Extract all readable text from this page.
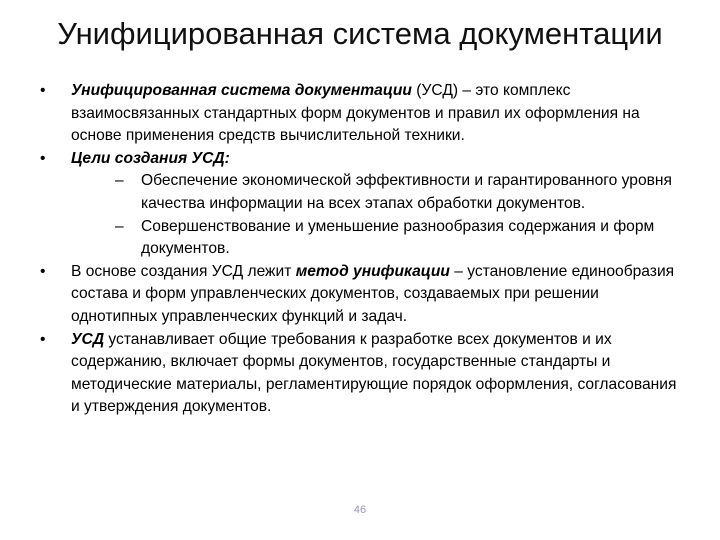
Унифицированная система документации
• Унифицированная система документации (УСД) – это комплекс взаимосвязанных стандартных форм документов и правил их оформления на основе применения средств вычислительной техники.
• Цели создания УСД:
– Обеспечение экономической эффективности и гарантированного уровня качества информации на всех этапах обработки документов.
– Совершенствование и уменьшение разнообразия содержания и форм документов.
• В основе создания УСД лежит метод унификации – установление единообразия состава и форм управленческих документов, создаваемых при решении однотипных управленческих функций и задач.
• УСД устанавливает общие требования к разработке всех документов и их содержанию, включает формы документов, государственные стандарты и методические материалы, регламентирующие порядок оформления, согласования и утверждения документов.
46
